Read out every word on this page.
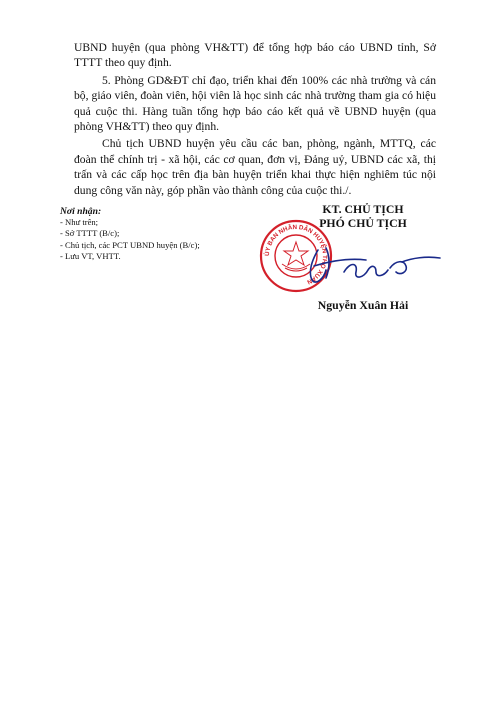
UBND huyện (qua phòng VH&TT) để tổng hợp báo cáo UBND tỉnh, Sở TTTT theo quy định.

5. Phòng GD&ĐT chỉ đạo, triển khai đến 100% các nhà trường và cán bộ, giáo viên, đoàn viên, hội viên là học sinh các nhà trường tham gia có hiệu quả cuộc thi. Hàng tuần tổng hợp báo cáo kết quả về UBND huyện (qua phòng VH&TT) theo quy định.

Chủ tịch UBND huyện yêu cầu các ban, phòng, ngành, MTTQ, các đoàn thể chính trị - xã hội, các cơ quan, đơn vị, Đảng uỷ, UBND các xã, thị trấn và các cấp học trên địa bàn huyện triển khai thực hiện nghiêm túc nội dung công văn này, góp phần vào thành công của cuộc thi./.

Nơi nhận:

- Như trên;

- Sở TTTT (B/c);

- Chủ tịch, các PCT UBND huyện (B/c);

- Lưu VT, VHTT.

KT. CHỦ TỊCH
PHÓ CHỦ TỊCH
Nguyễn Xuân Hải
ỦY BAN NHÂN DÂN HUYỆN THỌ XUÂN
